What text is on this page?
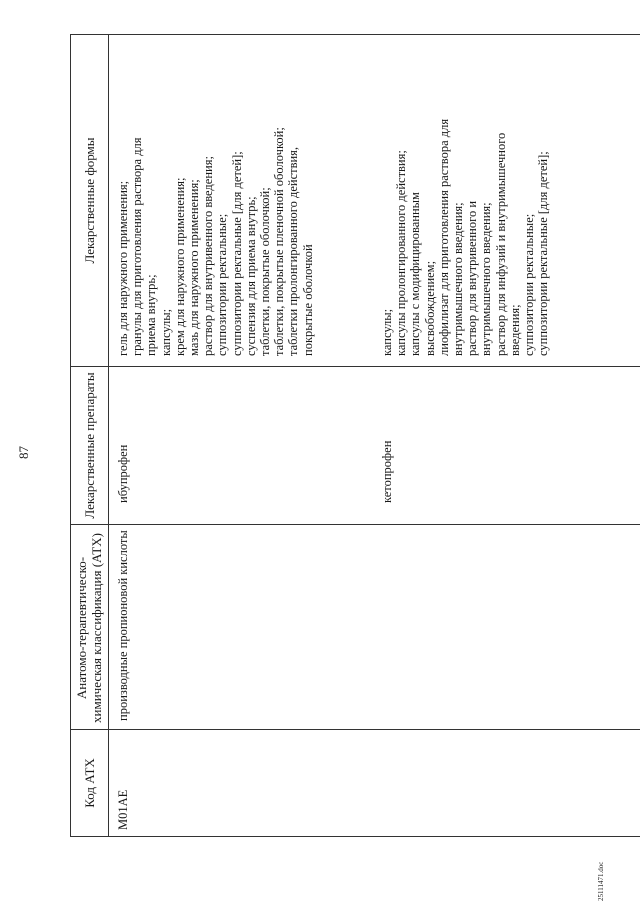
87
Код АТХ
Анатомо-терапевтическо-химическая классификация (АТХ)
Лекарственные препараты
Лекарственные формы
M01AE
производные пропионовой кислоты
ибупрофен
гель для наружного применения; гранулы для приготовления раствора для приема внутрь; капсулы; крем для наружного применения; мазь для наружного применения; раствор для внутривенного введения; суппозитории ректальные; суппозитории ректальные [для детей]; суспензия для приема внутрь; таблетки, покрытые оболочкой; таблетки, покрытые пленочной оболочкой; таблетки пролонгированного действия, покрытые оболочкой
кетопрофен
капсулы; капсулы пролонгированного действия; капсулы с модифицированным высвобождением; лиофилизат для приготовления раствора для внутримышечного введения; раствор для внутривенного и внутримышечного введения; раствор для инфузий и внутримышечного введения; суппозитории ректальные; суппозитории ректальные [для детей];
25111471.doc
